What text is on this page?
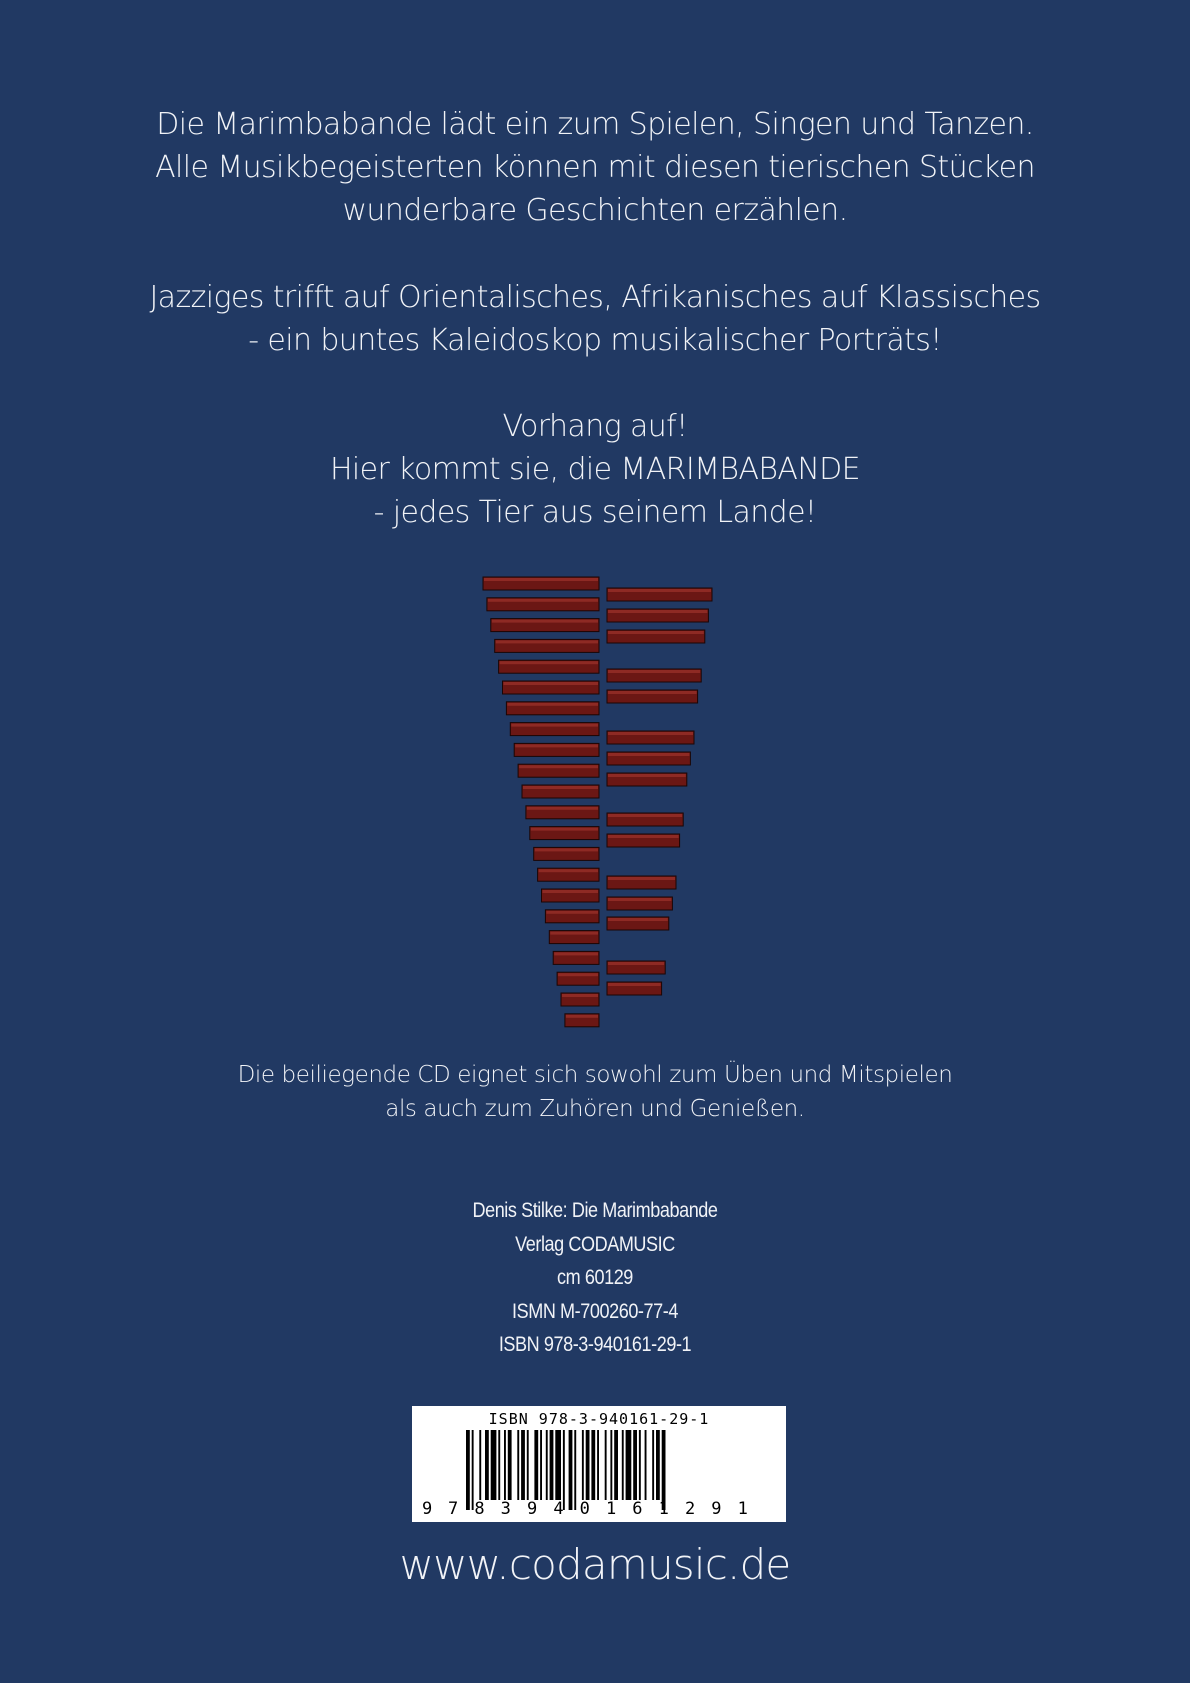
Die Marimbabande lädt ein zum Spielen, Singen und Tanzen.
Alle Musikbegeisterten können mit diesen tierischen Stücken
wunderbare Geschichten erzählen.
Jazziges trifft auf Orientalisches, Afrikanisches auf Klassisches
- ein buntes Kaleidoskop musikalischer Porträts!
Vorhang auf!
Hier kommt sie, die MARIMBABANDE
- jedes Tier aus seinem Lande!
Die beiliegende CD eignet sich sowohl zum Üben und Mitspielen
als auch zum Zuhören und Genießen.
Denis Stilke: Die Marimbabande
Verlag CODAMUSIC
cm 60129
ISMN M-700260-77-4
ISBN 978-3-940161-29-1
ISBN 978-3-940161-29-1
9 7 8 3 9 4 0 1 6 1 2 9 1
www.codamusic.de
